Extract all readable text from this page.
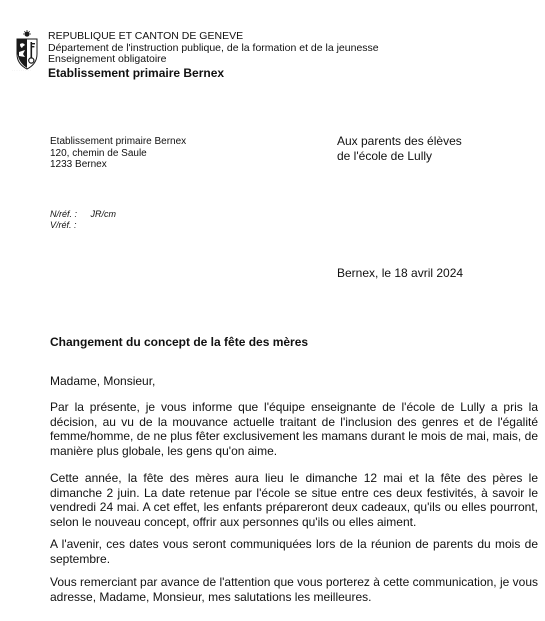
· · · · · · · · ·
REPUBLIQUE ET CANTON DE GENEVE
Département de l'instruction publique, de la formation et de la jeunesse
Enseignement obligatoire
Etablissement primaire Bernex
Etablissement primaire Bernex
120, chemin de Saule
1233 Bernex
Aux parents des élèves
de l'école de Lully
N/réf. : JR/cm
V/réf. :
Bernex, le 18 avril 2024
Changement du concept de la fête des mères
Madame, Monsieur,

Par la présente, je vous informe que l'équipe enseignante de l'école de Lully a pris la décision, au vu de la mouvance actuelle traitant de l'inclusion des genres et de l'égalité femme/homme, de ne plus fêter exclusivement les mamans durant le mois de mai, mais, de manière plus globale, les gens qu'on aime.

Cette année, la fête des mères aura lieu le dimanche 12 mai et la fête des pères le dimanche 2 juin. La date retenue par l'école se situe entre ces deux festivités, à savoir le vendredi 24 mai. A cet effet, les enfants prépareront deux cadeaux, qu'ils ou elles pourront, selon le nouveau concept, offrir aux personnes qu'ils ou elles aiment.

A l'avenir, ces dates vous seront communiquées lors de la réunion de parents du mois de septembre.

Vous remerciant par avance de l'attention que vous porterez à cette communication, je vous adresse, Madame, Monsieur, mes salutations les meilleures.
